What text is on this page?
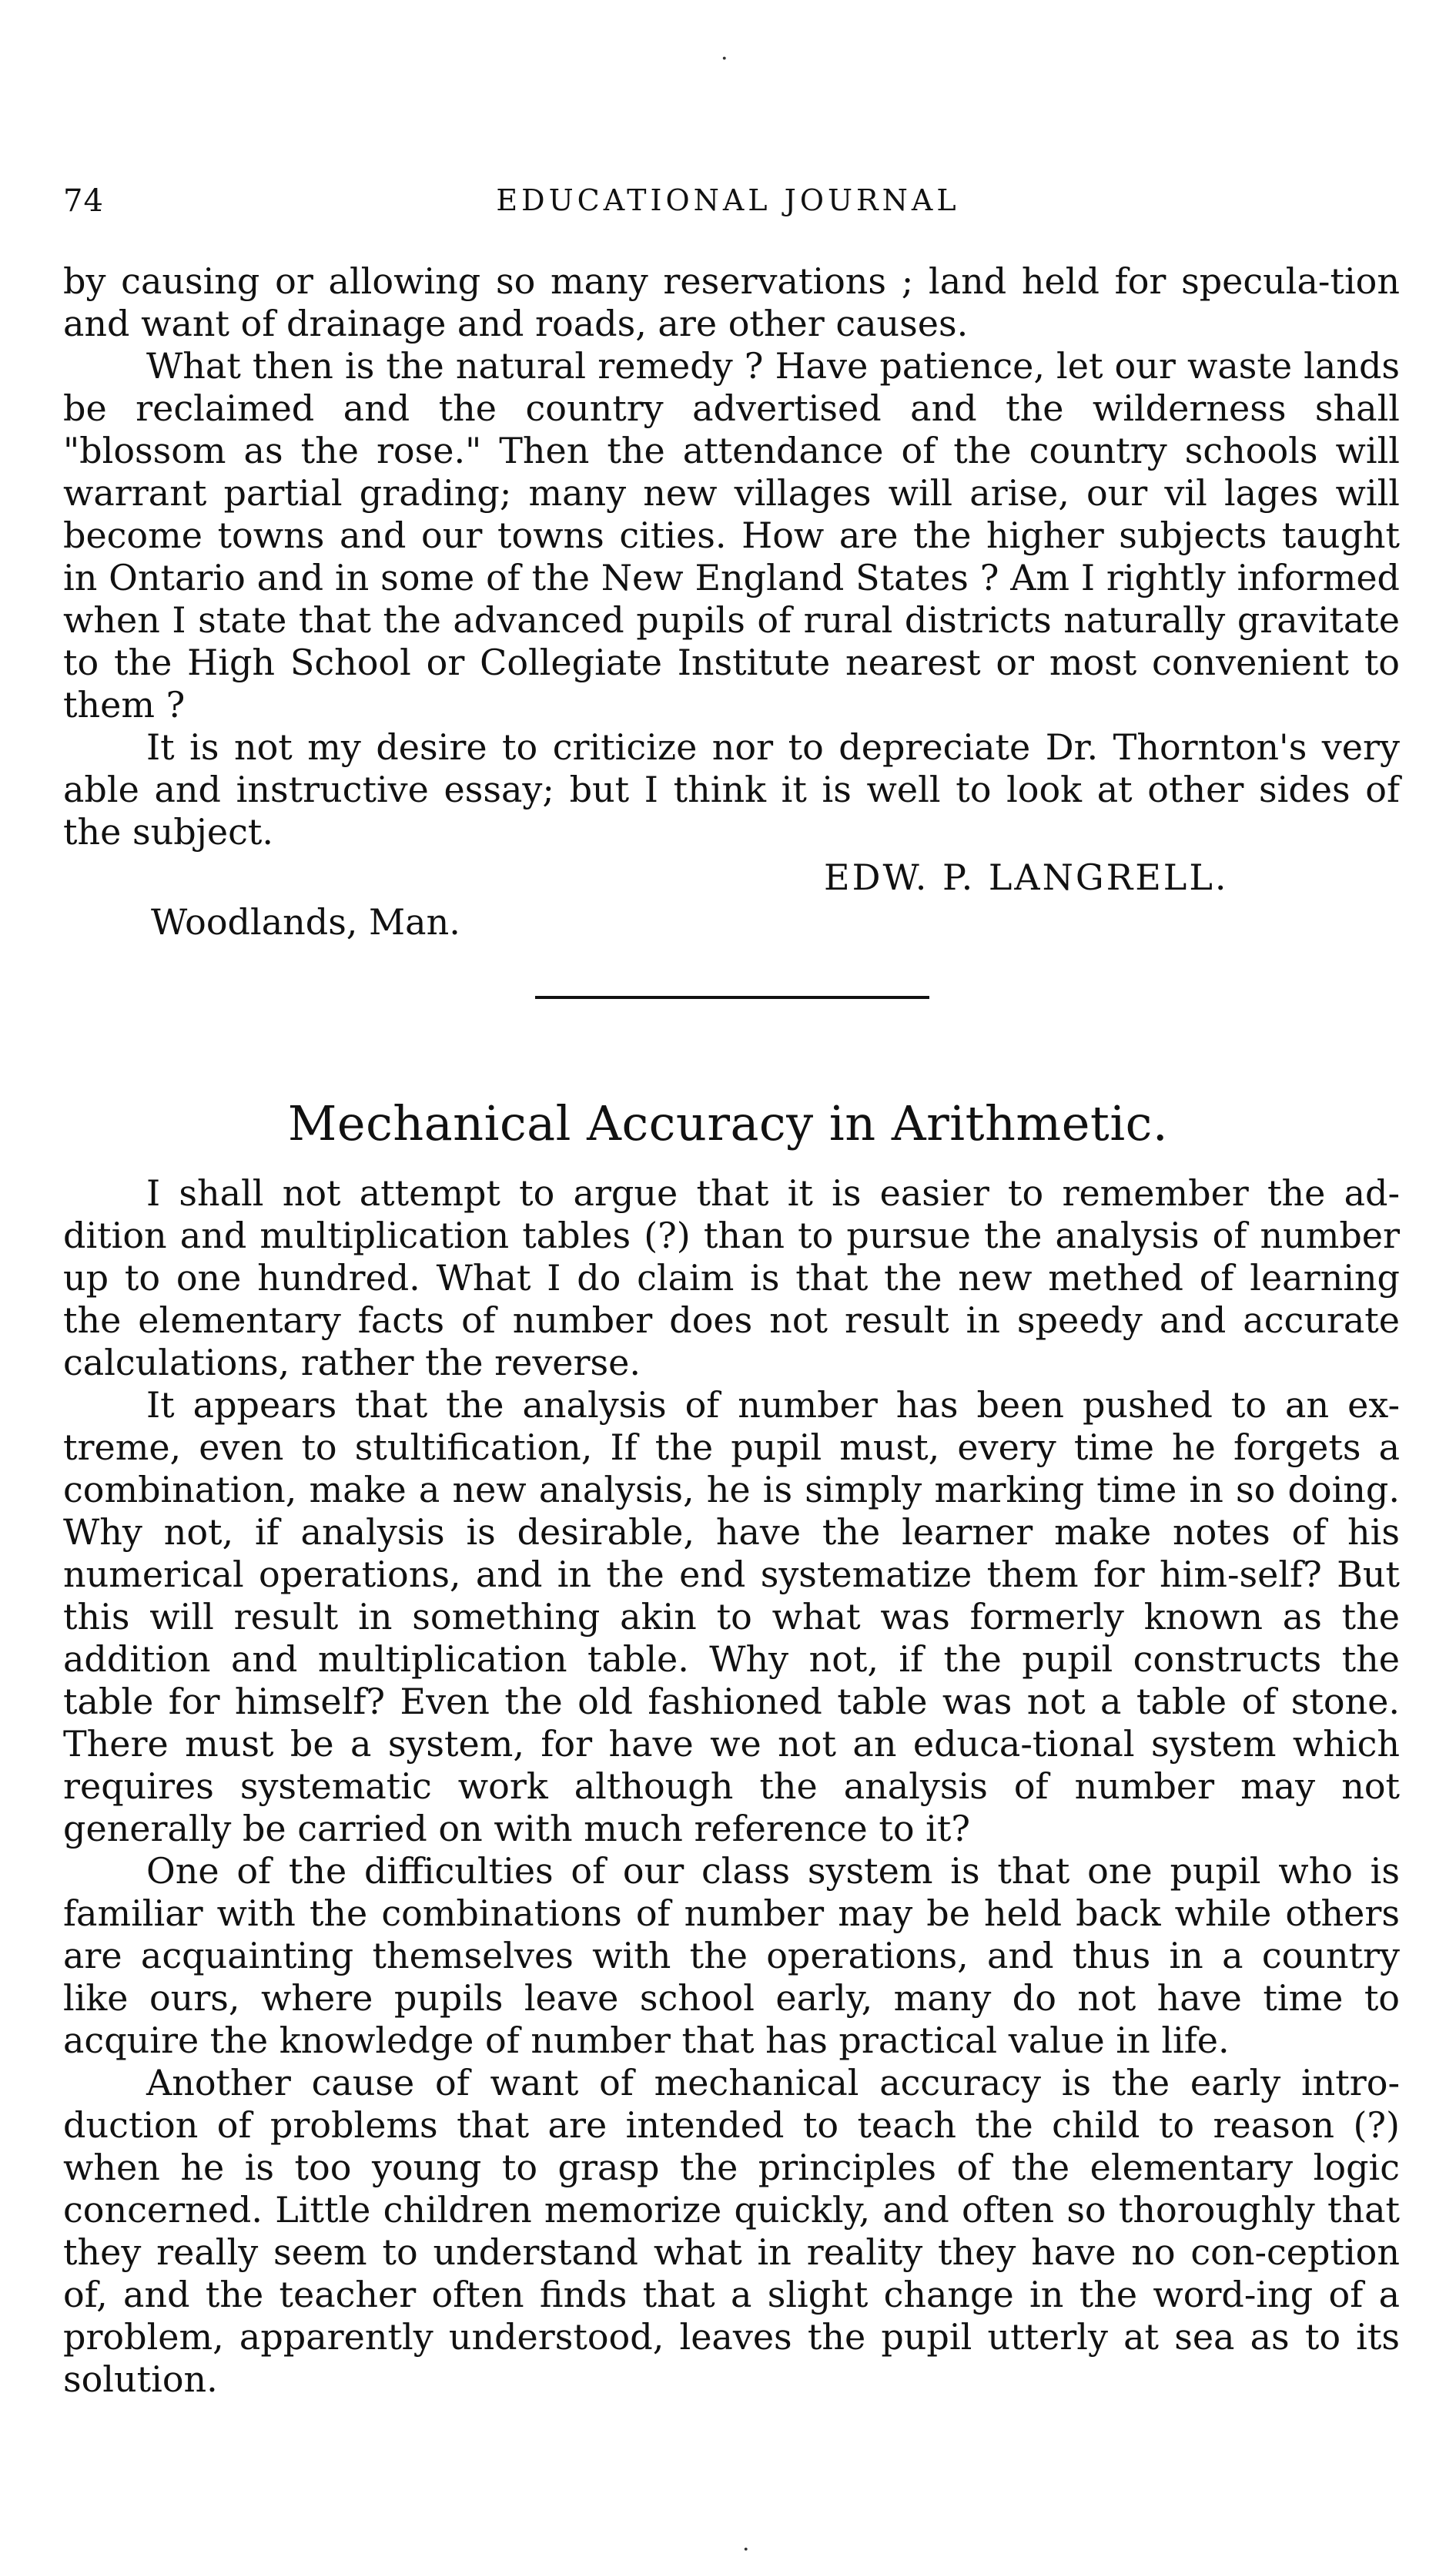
·
74	EDUCATIONAL JOURNAL

by causing or allowing so many reservations ; land held for specula-tion and want of drainage and roads, are other causes.

What then is the natural remedy ? Have patience, let our waste lands be reclaimed and the country advertised and the wilderness shall "blossom as the rose." Then the attendance of the country schools will warrant partial grading; many new villages will arise, our vil lages will become towns and our towns cities. How are the higher subjects taught in Ontario and in some of the New England States ? Am I rightly informed when I state that the advanced pupils of rural districts naturally gravitate to the High School or Collegiate Institute nearest or most convenient to them ?

It is not my desire to criticize nor to depreciate Dr. Thornton's very able and instructive essay; but I think it is well to look at other sides of the subject.

EDW. P. LANGRELL.
Woodlands, Man.
Mechanical Accuracy in Arithmetic.

I shall not attempt to argue that it is easier to remember the ad-dition and multiplication tables (?) than to pursue the analysis of number up to one hundred. What I do claim is that the new methed of learning the elementary facts of number does not result in speedy and accurate calculations, rather the reverse.

It appears that the analysis of number has been pushed to an ex-treme, even to stultification, If the pupil must, every time he forgets a combination, make a new analysis, he is simply marking time in so doing. Why not, if analysis is desirable, have the learner make notes of his numerical operations, and in the end systematize them for him-self? But this will result in something akin to what was formerly known as the addition and multiplication table. Why not, if the pupil constructs the table for himself? Even the old fashioned table was not a table of stone. There must be a system, for have we not an educa-tional system which requires systematic work although the analysis of number may not generally be carried on with much reference to it?

One of the difficulties of our class system is that one pupil who is familiar with the combinations of number may be held back while others are acquainting themselves with the operations, and thus in a country like ours, where pupils leave school early, many do not have time to acquire the knowledge of number that has practical value in life.

Another cause of want of mechanical accuracy is the early intro-duction of problems that are intended to teach the child to reason (?) when he is too young to grasp the principles of the elementary logic concerned. Little children memorize quickly, and often so thoroughly that they really seem to understand what in reality they have no con-ception of, and the teacher often finds that a slight change in the word-ing of a problem, apparently understood, leaves the pupil utterly at sea as to its solution.

·
